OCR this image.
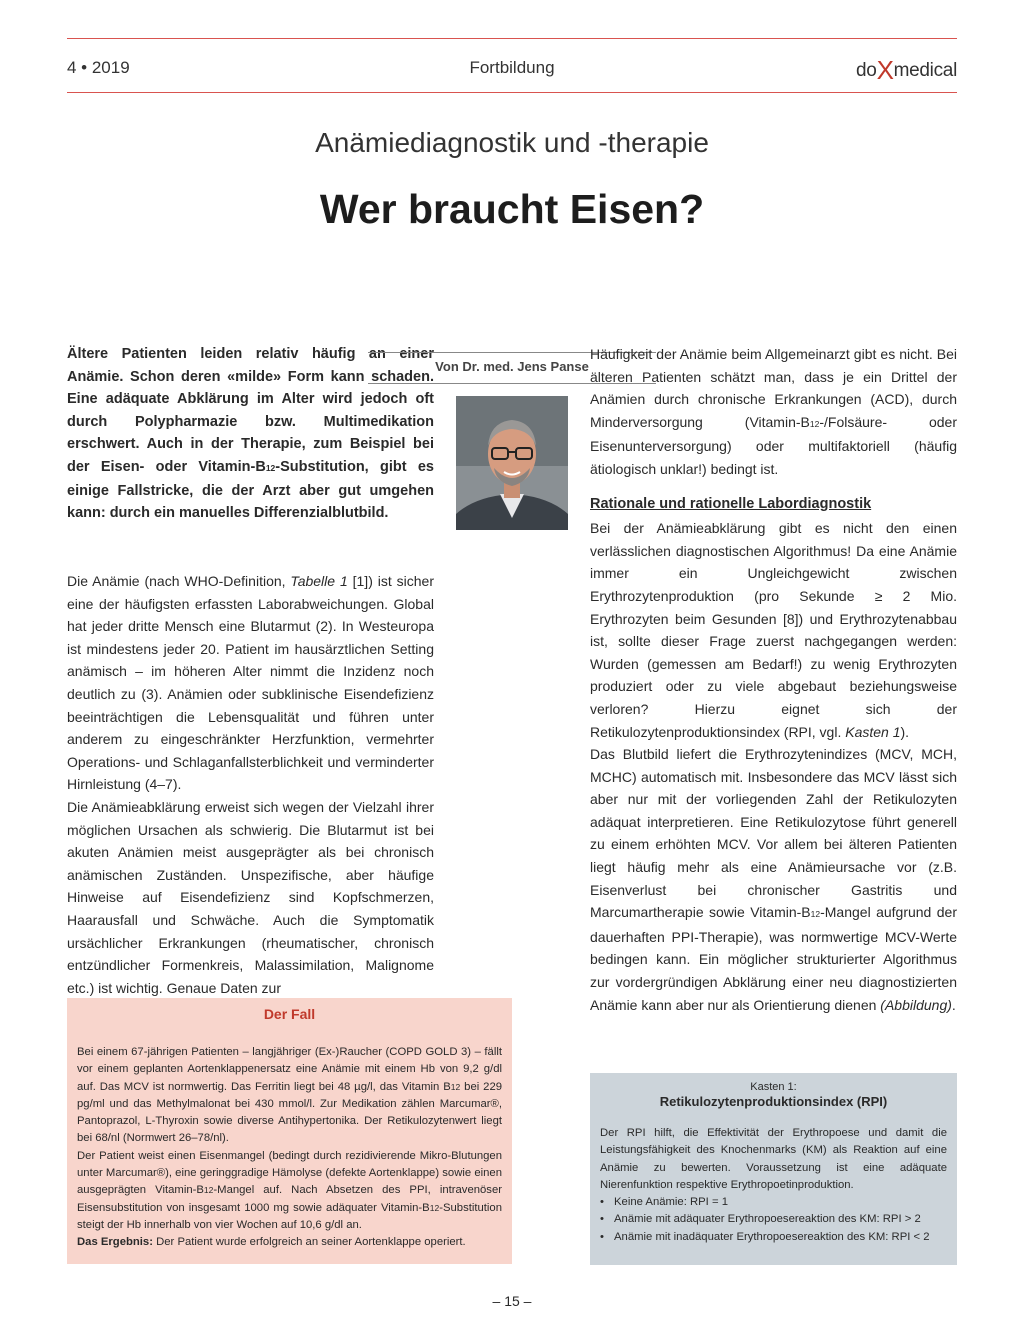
4 • 2019	Fortbildung	doXmedical
Anämiediagnostik und -therapie
Wer braucht Eisen?
Ältere Patienten leiden relativ häufig an einer Anämie. Schon deren «milde» Form kann schaden. Eine adäquate Abklärung im Alter wird jedoch oft durch Polypharmazie bzw. Multimedikation erschwert. Auch in der Therapie, zum Beispiel bei der Eisen- oder Vitamin-B12-Substitution, gibt es einige Fallstricke, die der Arzt aber gut umgehen kann: durch ein manuelles Differenzialblutbild.
Von Dr. med. Jens Panse

Die Anämie (nach WHO-Definition, Tabelle 1 [1]) ist sicher eine der häufigsten erfassten Laborabweichungen. Global hat jeder dritte Mensch eine Blutarmut (2). In Westeuropa ist mindestens jeder 20. Patient im hausärztlichen Setting anämisch – im höheren Alter nimmt die Inzidenz noch deutlich zu (3). Anämien oder subklinische Eisendefizienz beeinträchtigen die Lebensqualität und führen unter anderem zu eingeschränkter Herzfunktion, vermehrter Operations- und Schlaganfallsterblichkeit und verminderter Hirnleistung (4–7).

Die Anämieabklärung erweist sich wegen der Vielzahl ihrer möglichen Ursachen als schwierig. Die Blutarmut ist bei akuten Anämien meist ausgeprägter als bei chronisch anämischen Zuständen. Unspezifische, aber häufige Hinweise auf Eisendefizienz sind Kopfschmerzen, Haarausfall und Schwäche. Auch die Symptomatik ursächlicher Erkrankungen (rheumatischer, chronisch entzündlicher Formenkreis, Malassimilation, Malignome etc.) ist wichtig. Genaue Daten zur

Häufigkeit der Anämie beim Allgemeinarzt gibt es nicht. Bei älteren Patienten schätzt man, dass je ein Drittel der Anämien durch chronische Erkrankungen (ACD), durch Minderversorgung (Vitamin-B12-/Folsäure- oder Eisenunterversorgung) oder multifaktoriell (häufig ätiologisch unklar!) bedingt ist.

Rationale und rationelle Labordiagnostik

Bei der Anämieabklärung gibt es nicht den einen verlässlichen diagnostischen Algorithmus! Da eine Anämie immer ein Ungleichgewicht zwischen Erythrozytenproduktion (pro Sekunde ≥ 2 Mio. Erythrozyten beim Gesunden [8]) und Erythrozytenabbau ist, sollte dieser Frage zuerst nachgegangen werden: Wurden (gemessen am Bedarf!) zu wenig Erythrozyten produziert oder zu viele abgebaut beziehungsweise verloren? Hierzu eignet sich der Retikulozytenproduktionsindex (RPI, vgl. Kasten 1).

Das Blutbild liefert die Erythrozytenindizes (MCV, MCH, MCHC) automatisch mit. Insbesondere das MCV lässt sich aber nur mit der vorliegenden Zahl der Retikulozyten adäquat interpretieren. Eine Retikulozytose führt generell zu einem erhöhten MCV. Vor allem bei älteren Patienten liegt häufig mehr als eine Anämieursache vor (z.B. Eisenverlust bei chronischer Gastritis und Marcumartherapie sowie Vitamin-B12-Mangel aufgrund der dauerhaften PPI-Therapie), was normwertige MCV-Werte bedingen kann. Ein möglicher strukturierter Algorithmus zur vordergründigen Abklärung einer neu diagnostizierten Anämie kann aber nur als Orientierung dienen (Abbildung).

Der Fall

Bei einem 67-jährigen Patienten – langjähriger (Ex-)Raucher (COPD GOLD 3) – fällt vor einem geplanten Aortenklappenersatz eine Anämie mit einem Hb von 9,2 g/dl auf. Das MCV ist normwertig. Das Ferritin liegt bei 48 µg/l, das Vitamin B12 bei 229 pg/ml und das Methylmalonat bei 430 mmol/l. Zur Medikation zählen Marcumar®, Pantoprazol, L-Thyroxin sowie diverse Antihypertonika. Der Retikulozytenwert liegt bei 68/nl (Normwert 26–78/nl).

Der Patient weist einen Eisenmangel (bedingt durch rezidivierende Mikro-Blutungen unter Marcumar®), eine geringgradige Hämolyse (defekte Aortenklappe) sowie einen ausgeprägten Vitamin-B12-Mangel auf. Nach Absetzen des PPI, intravenöser Eisensubstitution von insgesamt 1000 mg sowie adäquater Vitamin-B12-Substitution steigt der Hb innerhalb von vier Wochen auf 10,6 g/dl an.

Das Ergebnis: Der Patient wurde erfolgreich an seiner Aortenklappe operiert.

Kasten 1:
Retikulozytenproduktionsindex (RPI)
Der RPI hilft, die Effektivität der Erythropoese und damit die Leistungsfähigkeit des Knochenmarks (KM) als Reaktion auf eine Anämie zu bewerten. Voraussetzung ist eine adäquate Nierenfunktion respektive Erythropoetinproduktion.
• Keine Anämie: RPI = 1
• Anämie mit adäquater Erythropoesereaktion des KM: RPI > 2
• Anämie mit inadäquater Erythropoesereaktion des KM: RPI < 2
– 15 –
